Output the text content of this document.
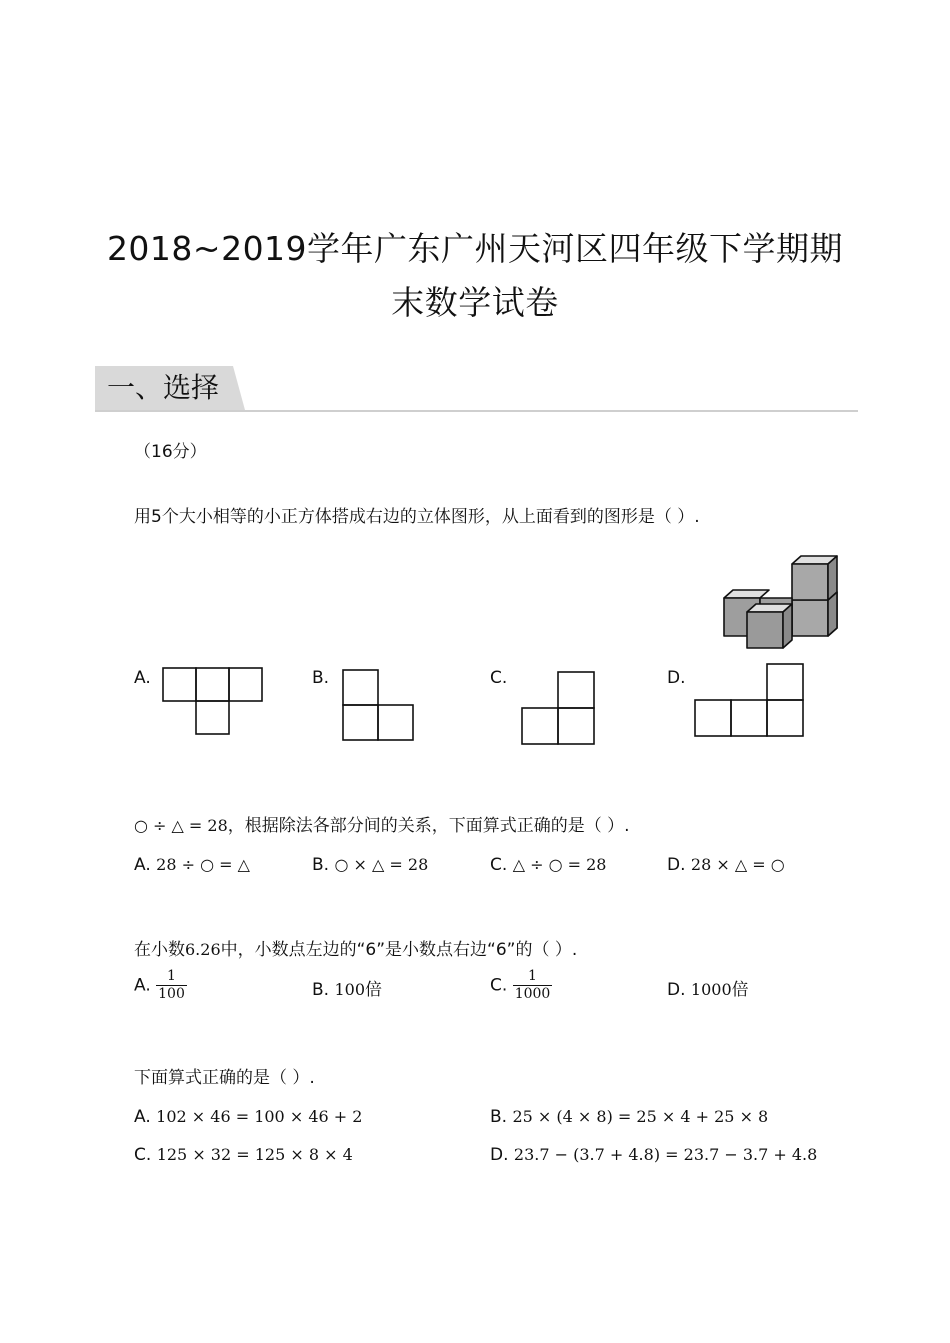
2018~2019学年广东广州天河区四年级下学期期
末数学试卷
一、选择
（16分）
用5个大小相等的小正方体搭成右边的立体图形，从上面看到的图形是（ ）.
A.	B.	C.	D.
○ ÷ △ = 28，根据除法各部分间的关系，下面算式正确的是（ ）.
A. 28 ÷ ○ = △	B. ○ × △ = 28	C. △ ÷ ○ = 28	D. 28 × △ = ○
在小数6.26中，小数点左边的“6”是小数点右边“6”的（ ）.
A. $\frac{1}{100}$	B. 100倍	C. $\frac{1}{1000}$	D. 1000倍
下面算式正确的是（ ）.
A. 102 × 46 = 100 × 46 + 2	B. 25 × (4 × 8) = 25 × 4 + 25 × 8
C. 125 × 32 = 125 × 8 × 4	D. 23.7 − (3.7 + 4.8) = 23.7 − 3.7 + 4.8
